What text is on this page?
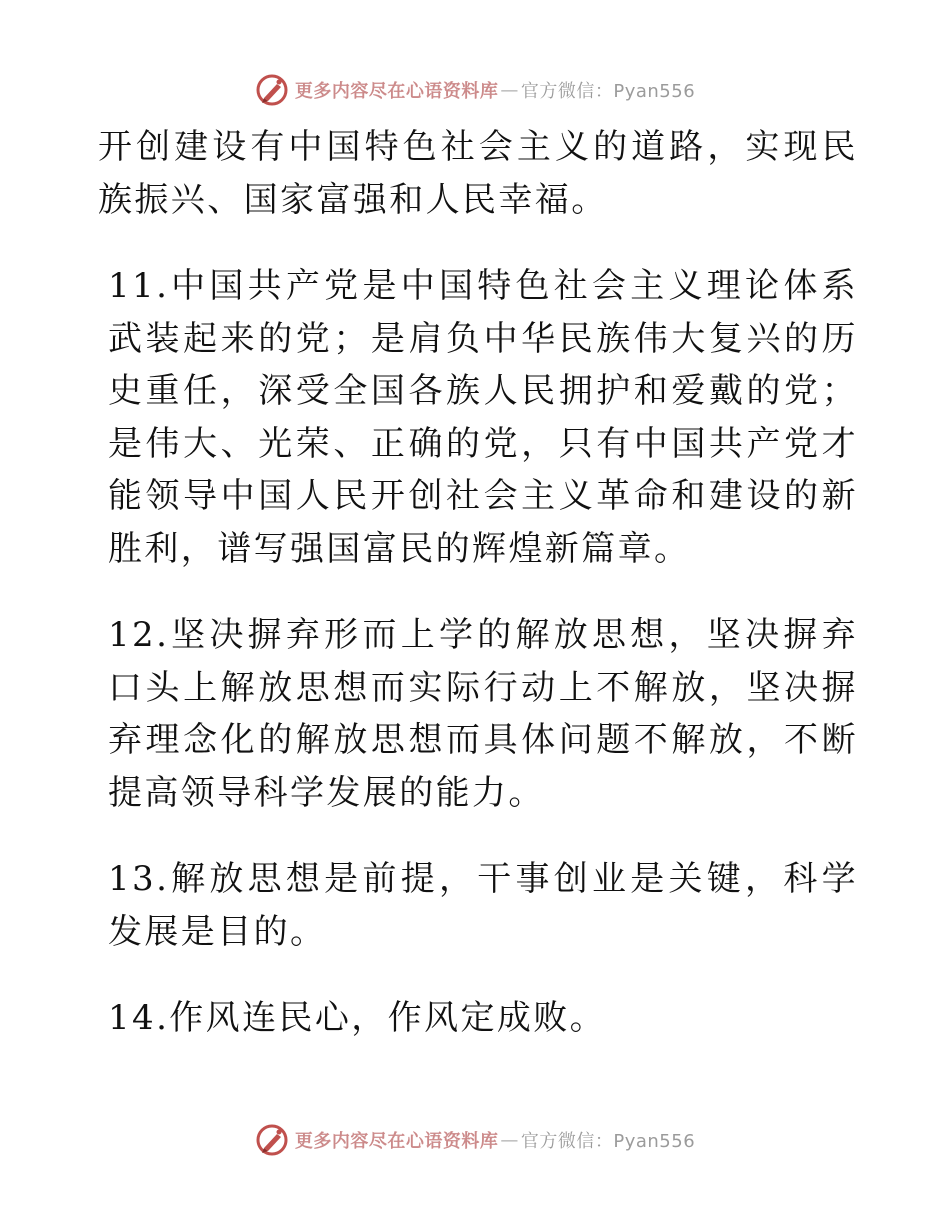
更多内容尽在心语资料库 — 官方微信：Pyan556

开创建设有中国特色社会主义的道路，实现民族振兴、国家富强和人民幸福。

11.中国共产党是中国特色社会主义理论体系武装起来的党；是肩负中华民族伟大复兴的历史重任，深受全国各族人民拥护和爱戴的党；是伟大、光荣、正确的党，只有中国共产党才能领导中国人民开创社会主义革命和建设的新胜利，谱写强国富民的辉煌新篇章。

12.坚决摒弃形而上学的解放思想，坚决摒弃口头上解放思想而实际行动上不解放，坚决摒弃理念化的解放思想而具体问题不解放，不断提高领导科学发展的能力。

13.解放思想是前提，干事创业是关键，科学发展是目的。

14.作风连民心，作风定成败。

更多内容尽在心语资料库 — 官方微信：Pyan556
